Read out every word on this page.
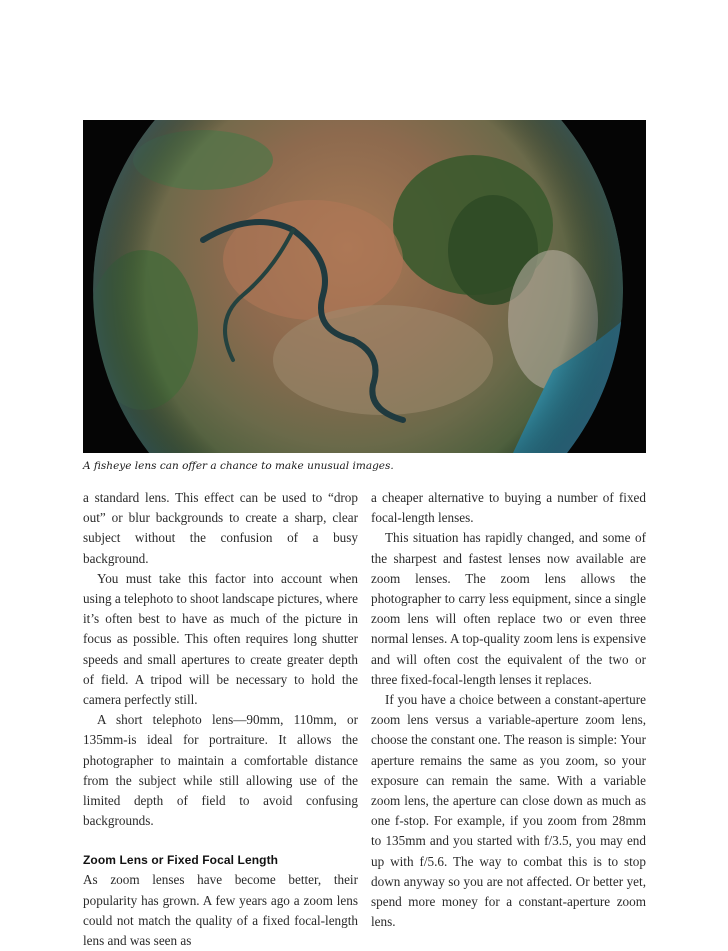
A fisheye lens can offer a chance to make unusual images.

a standard lens. This effect can be used to “drop out” or blur backgrounds to create a sharp, clear subject without the confusion of a busy background.

You must take this factor into account when using a telephoto to shoot landscape pictures, where it’s often best to have as much of the picture in focus as possible. This often requires long shutter speeds and small apertures to create greater depth of field. A tripod will be necessary to hold the camera perfectly still.

A short telephoto lens—90mm, 110mm, or 135mm-is ideal for portraiture. It allows the photographer to maintain a comfortable distance from the subject while still allowing use of the limited depth of field to avoid confusing backgrounds.

Zoom Lens or Fixed Focal Length

As zoom lenses have become better, their popularity has grown. A few years ago a zoom lens could not match the quality of a fixed focal-length lens and was seen as

a cheaper alternative to buying a number of fixed focal-length lenses.

This situation has rapidly changed, and some of the sharpest and fastest lenses now available are zoom lenses. The zoom lens allows the photographer to carry less equipment, since a single zoom lens will often replace two or even three normal lenses. A top-quality zoom lens is expensive and will often cost the equivalent of the two or three fixed-focal-length lenses it replaces.

If you have a choice between a constant-aperture zoom lens versus a variable-aperture zoom lens, choose the constant one. The reason is simple: Your aperture remains the same as you zoom, so your exposure can remain the same. With a variable zoom lens, the aperture can close down as much as one f-stop. For example, if you zoom from 28mm to 135mm and you started with f/3.5, you may end up with f/5.6. The way to combat this is to stop down anyway so you are not affected. Or better yet, spend more money for a constant-aperture zoom lens.
